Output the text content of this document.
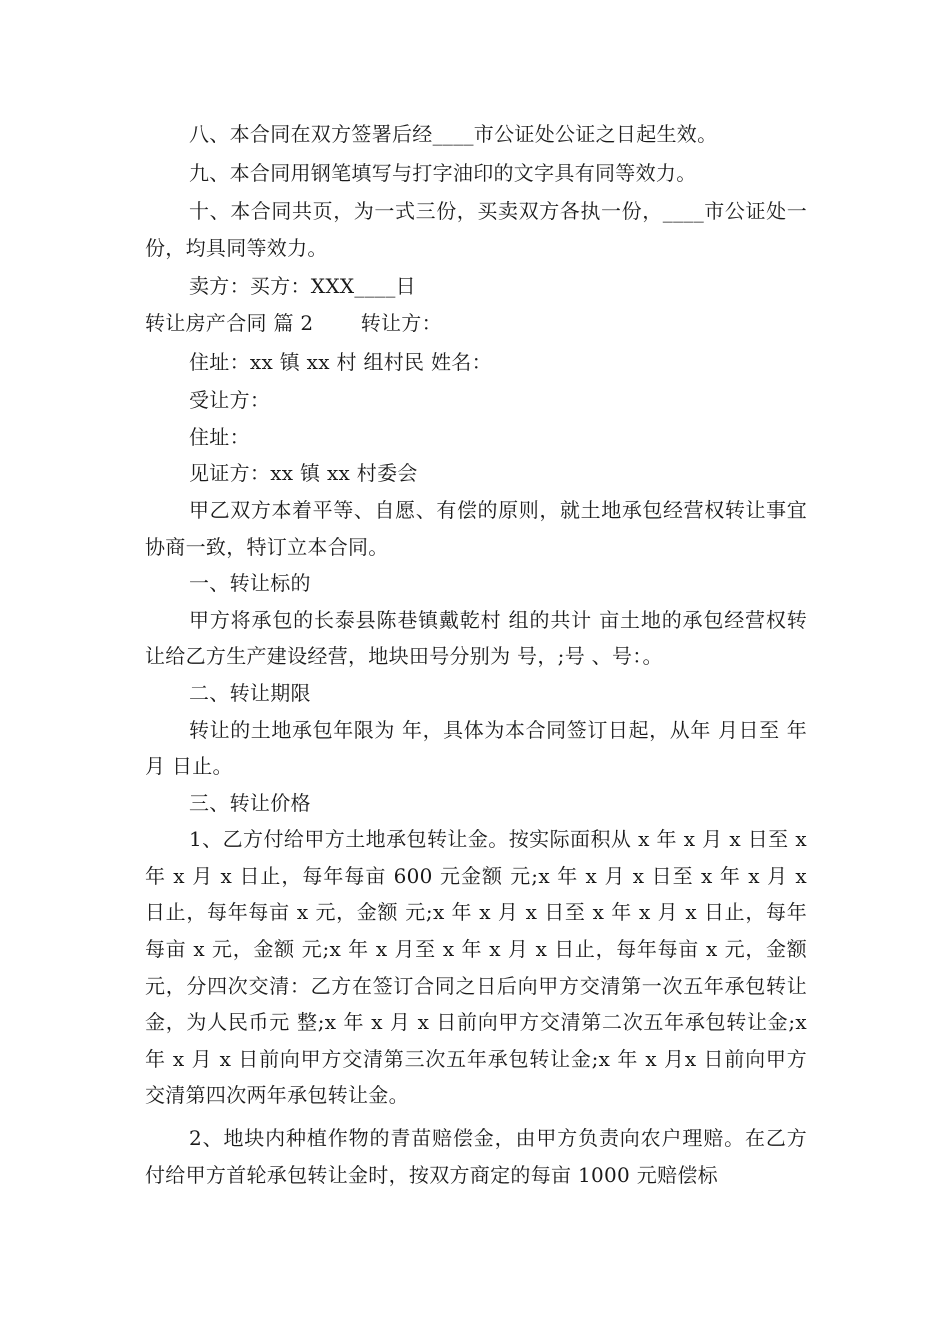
八、本合同在双方签署后经____市公证处公证之日起生效。

九、本合同用钢笔填写与打字油印的文字具有同等效力。

十、本合同共页，为一式三份，买卖双方各执一份，____市公证处一份，均具同等效力。

卖方：买方：XXX____日

转让房产合同 篇 2　　 转让方：

住址：xx 镇 xx 村 组村民 姓名：

受让方：

住址：

见证方：xx 镇 xx 村委会

甲乙双方本着平等、自愿、有偿的原则，就土地承包经营权转让事宜协商一致，特订立本合同。

一、转让标的

甲方将承包的长泰县陈巷镇戴乾村 组的共计 亩土地的承包经营权转让给乙方生产建设经营，地块田号分别为 号，;号 、号：。

二、转让期限

转让的土地承包年限为 年，具体为本合同签订日起，从年 月日至 年 月 日止。

三、转让价格

1、乙方付给甲方土地承包转让金。按实际面积从 x 年 x 月 x 日至 x 年 x 月 x 日止，每年每亩 600 元金额 元;x 年 x 月 x 日至 x 年 x 月 x 日止，每年每亩 x 元，金额 元;x 年 x 月 x 日至 x 年 x 月 x 日止，每年每亩 x 元，金额 元;x 年 x 月至 x 年 x 月 x 日止，每年每亩 x 元，金额元，分四次交清：乙方在签订合同之日后向甲方交清第一次五年承包转让金，为人民币元 整;x 年 x 月 x 日前向甲方交清第二次五年承包转让金;x 年 x 月 x 日前向甲方交清第三次五年承包转让金;x 年 x 月x 日前向甲方交清第四次两年承包转让金。

2、地块内种植作物的青苗赔偿金，由甲方负责向农户理赔。在乙方付给甲方首轮承包转让金时，按双方商定的每亩 1000 元赔偿标
